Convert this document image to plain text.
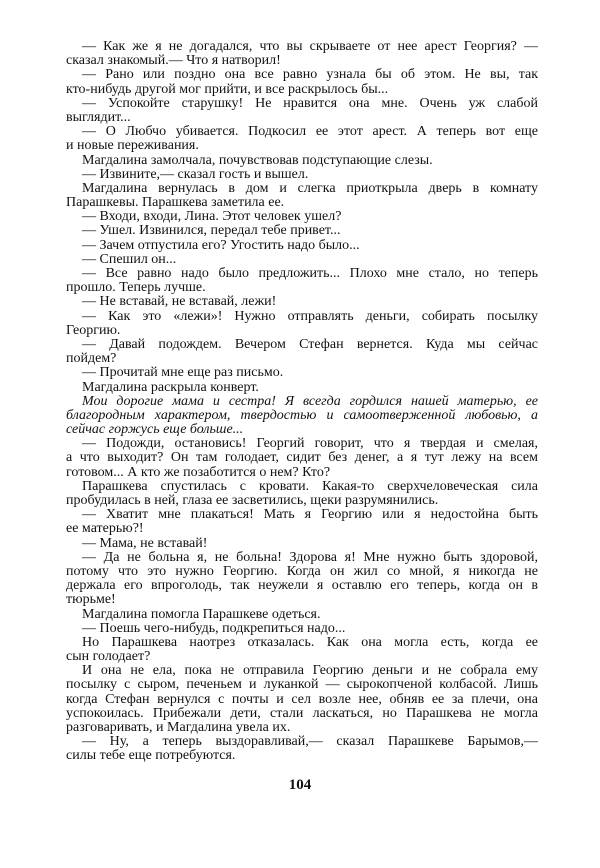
— Как же я не догадался, что вы скрываете от нее арест Георгия? —
сказал знакомый.— Что я натворил!
— Рано или поздно она все равно узнала бы об этом. Не вы, так
кто-нибудь другой мог прийти, и все раскрылось бы...
— Успокойте старушку! Не нравится она мне. Очень уж слабой
выглядит...
— О Любчо убивается. Подкосил ее этот арест. А теперь вот еще
и новые переживания.
Магдалина замолчала, почувствовав подступающие слезы.
— Извините,— сказал гость и вышел.
Магдалина вернулась в дом и слегка приоткрыла дверь в комнату
Парашкевы. Парашкева заметила ее.
— Входи, входи, Лина. Этот человек ушел?
— Ушел. Извинился, передал тебе привет...
— Зачем отпустила его? Угостить надо было...
— Спешил он...
— Все равно надо было предложить... Плохо мне стало, но теперь
прошло. Теперь лучше.
— Не вставай, не вставай, лежи!
— Как это «лежи»! Нужно отправлять деньги, собирать посылку
Георгию.
— Давай подождем. Вечером Стефан вернется. Куда мы сейчас
пойдем?
— Прочитай мне еще раз письмо.
Магдалина раскрыла конверт.
Мои дорогие мама и сестра! Я всегда гордился нашей матерью, ее
благородным характером, твердостью и самоотверженной любовью, а
сейчас горжусь еще больше...
— Подожди, остановись! Георгий говорит, что я твердая и смелая,
а что выходит? Он там голодает, сидит без денег, а я тут лежу на всем
готовом... А кто же позаботится о нем? Кто?
Парашкева спустилась с кровати. Какая-то сверхчеловеческая сила
пробудилась в ней, глаза ее засветились, щеки разрумянились.
— Хватит мне плакаться! Мать я Георгию или я недостойна быть
ее матерью?!
— Мама, не вставай!
— Да не больна я, не больна! Здорова я! Мне нужно быть здоровой,
потому что это нужно Георгию. Когда он жил со мной, я никогда не
держала его впроголодь, так неужели я оставлю его теперь, когда он в
тюрьме!
Магдалина помогла Парашкеве одеться.
— Поешь чего-нибудь, подкрепиться надо...
Но Парашкева наотрез отказалась. Как она могла есть, когда ее
сын голодает?
И она не ела, пока не отправила Георгию деньги и не собрала ему
посылку с сыром, печеньем и луканкой — сырокопченой колбасой. Лишь
когда Стефан вернулся с почты и сел возле нее, обняв ее за плечи, она
успокоилась. Прибежали дети, стали ласкаться, но Парашкева не могла
разговаривать, и Магдалина увела их.
— Ну, а теперь выздоравливай,— сказал Парашкеве Барымов,—
силы тебе еще потребуются.
104
